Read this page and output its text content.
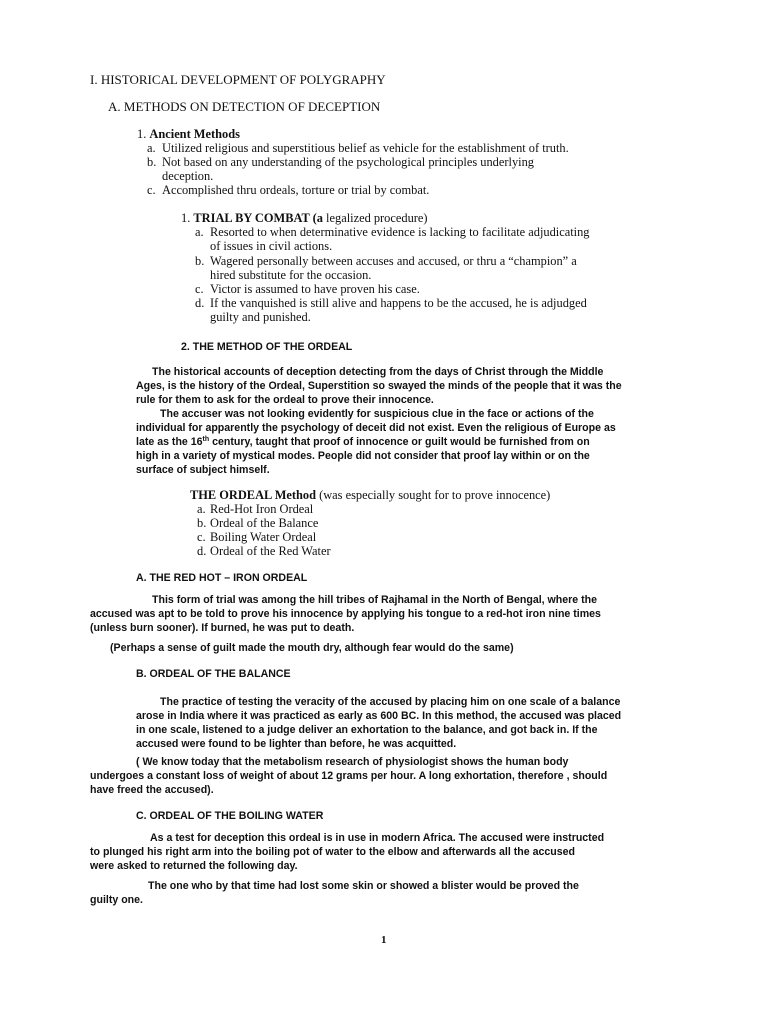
I. HISTORICAL DEVELOPMENT OF POLYGRAPHY
A. METHODS ON DETECTION OF DECEPTION
1. Ancient Methods
a. Utilized religious and superstitious belief as vehicle for the establishment of truth.
b. Not based on any understanding of the psychological principles underlying
deception.
c. Accomplished thru ordeals, torture or trial by combat.
1. TRIAL BY COMBAT (a legalized procedure)
a. Resorted to when determinative evidence is lacking to facilitate adjudicating
of issues in civil actions.
b. Wagered personally between accuses and accused, or thru a “champion” a
hired substitute for the occasion.
c. Victor is assumed to have proven his case.
d. If the vanquished is still alive and happens to be the accused, he is adjudged
guilty and punished.
2. THE METHOD OF THE ORDEAL
The historical accounts of deception detecting from the days of Christ through the Middle
Ages, is the history of the Ordeal, Superstition so swayed the minds of the people that it was the
rule for them to ask for the ordeal to prove their innocence.
The accuser was not looking evidently for suspicious clue in the face or actions of the
individual for apparently the psychology of deceit did not exist. Even the religious of Europe as
late as the 16th century, taught that proof of innocence or guilt would be furnished from on
high in a variety of mystical modes. People did not consider that proof lay within or on the
surface of subject himself.
THE ORDEAL Method (was especially sought for to prove innocence)
a. Red-Hot Iron Ordeal
b. Ordeal of the Balance
c. Boiling Water Ordeal
d. Ordeal of the Red Water
A. THE RED HOT – IRON ORDEAL
This form of trial was among the hill tribes of Rajhamal in the North of Bengal, where the
accused was apt to be told to prove his innocence by applying his tongue to a red-hot iron nine times
(unless burn sooner). If burned, he was put to death.
(Perhaps a sense of guilt made the mouth dry, although fear would do the same)
B. ORDEAL OF THE BALANCE
The practice of testing the veracity of the accused by placing him on one scale of a balance
arose in India where it was practiced as early as 600 BC. In this method, the accused was placed
in one scale, listened to a judge deliver an exhortation to the balance, and got back in. If the
accused were found to be lighter than before, he was acquitted.
( We know today that the metabolism research of physiologist shows the human body
undergoes a constant loss of weight of about 12 grams per hour. A long exhortation, therefore , should
have freed the accused).
C. ORDEAL OF THE BOILING WATER
As a test for deception this ordeal is in use in modern Africa. The accused were instructed
to plunged his right arm into the boiling pot of water to the elbow and afterwards all the accused
were asked to returned the following day.
The one who by that time had lost some skin or showed a blister would be proved the
guilty one.
1
